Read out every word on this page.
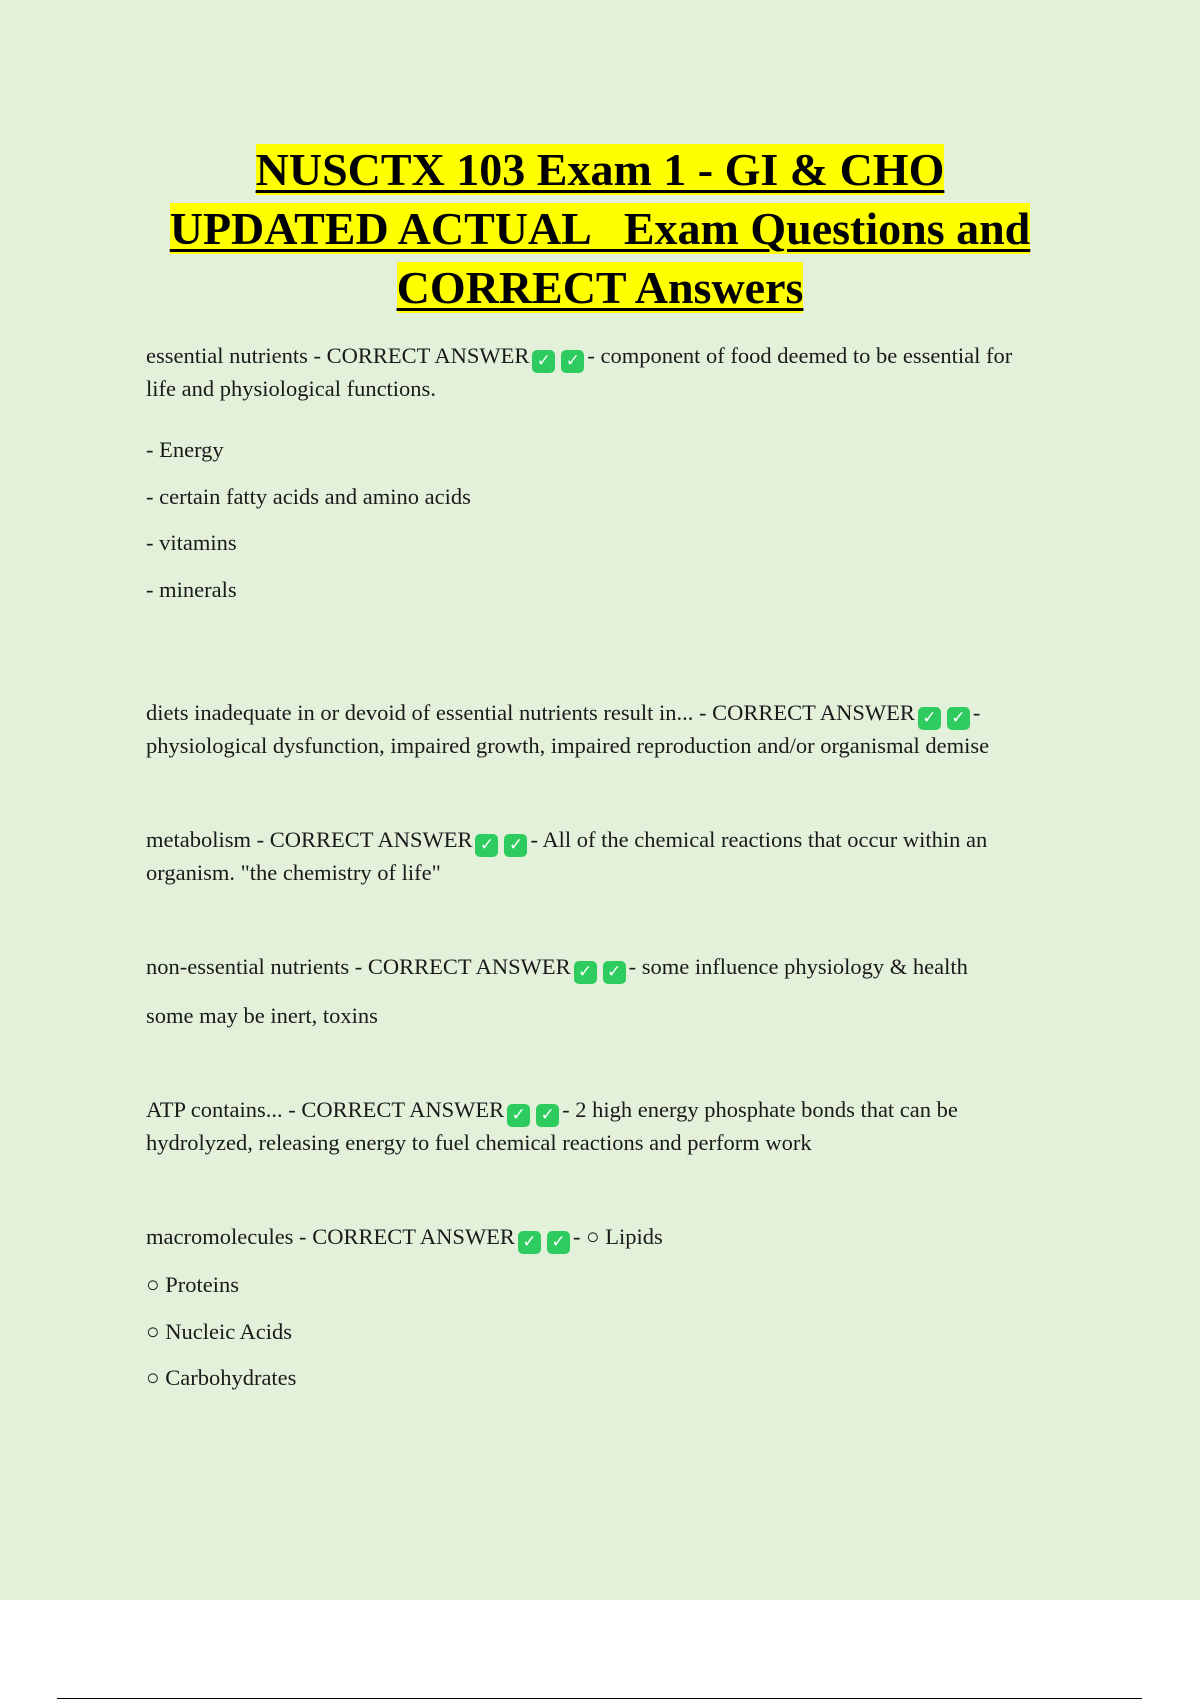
NUSCTX 103 Exam 1 - GI & CHO
UPDATED ACTUAL   Exam Questions and
CORRECT Answers
essential nutrients - CORRECT ANSWER ✓ ✓ - component of food deemed to be essential for
life and physiological functions.
- Energy
- certain fatty acids and amino acids
- vitamins
- minerals
diets inadequate in or devoid of essential nutrients result in... - CORRECT ANSWER ✓ ✓ -
physiological dysfunction, impaired growth, impaired reproduction and/or organismal demise
metabolism - CORRECT ANSWER ✓ ✓ - All of the chemical reactions that occur within an
organism. "the chemistry of life"
non-essential nutrients - CORRECT ANSWER ✓ ✓ - some influence physiology & health
some may be inert, toxins
ATP contains... - CORRECT ANSWER ✓ ✓ - 2 high energy phosphate bonds that can be
hydrolyzed, releasing energy to fuel chemical reactions and perform work
macromolecules - CORRECT ANSWER ✓ ✓ - ○ Lipids
○ Proteins
○ Nucleic Acids
○ Carbohydrates
